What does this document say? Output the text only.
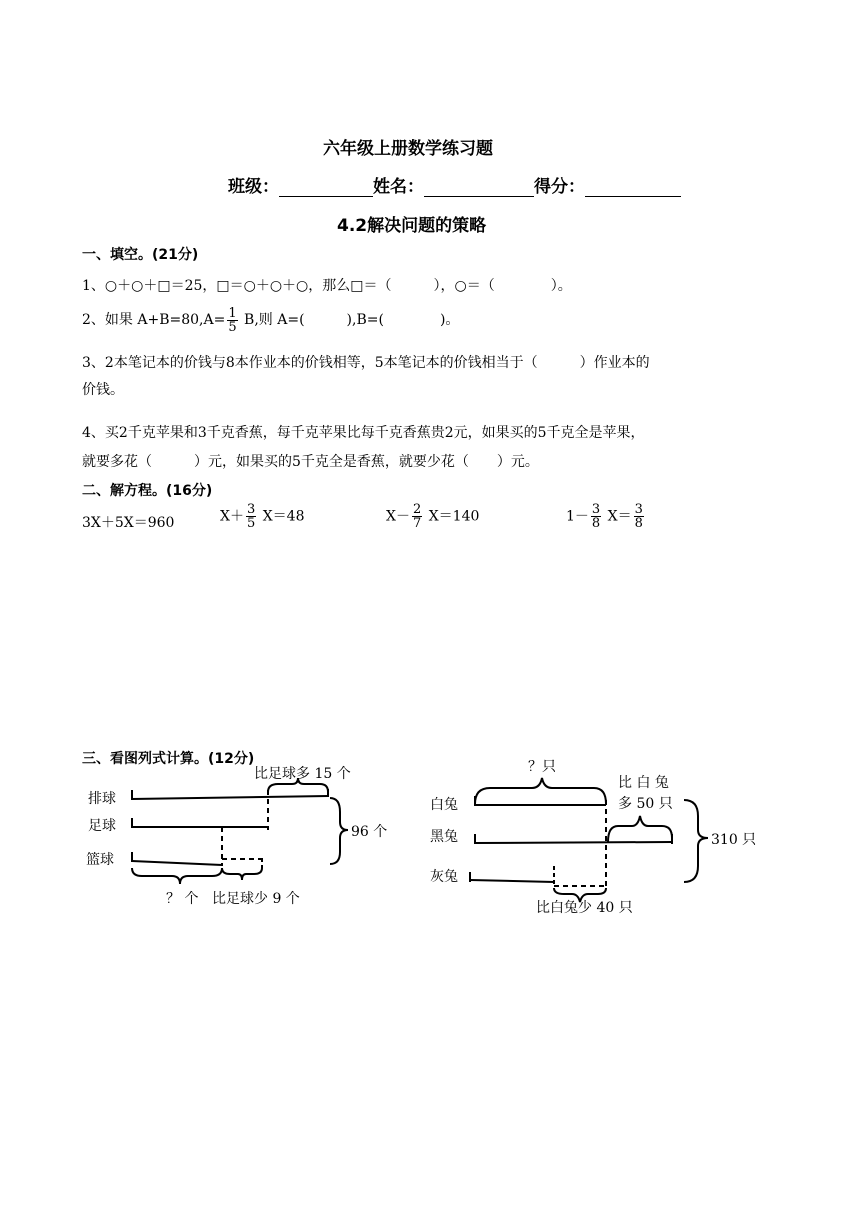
六年级上册数学练习题
班级：	姓名：	得分：
4.2解决问题的策略
一、填空。(21分)
1、○＋○＋□＝25，□＝○＋○＋○，那么□＝（　　　），○＝（　　　　）。
2、如果 $A+B=80,A= \frac{1}{5} B$,则 A=(　　　),B=(　　　　)。
3、2本笔记本的价钱与8本作业本的价钱相等，5本笔记本的价钱相当于（　　　）作业本的
价钱。
4、买2千克苹果和3千克香蕉，每千克苹果比每千克香蕉贵2元，如果买的5千克全是苹果，
就要多花（　　　）元，如果买的5千克全是香蕉，就要少花（　　）元。
二、解方程。(16分)
3X＋5X＝960	$X+ \frac{3}{5} X=48$	$X- \frac{2}{7} X=140$	$1- \frac{3}{8} X= \frac{3}{8}$
三、看图列式计算。(12分)
排球
足球
篮球
比足球多 15 个
96 个
？ 个 比足球少 9 个
白兔
黑兔
灰兔
？只
比 白 兔
多 50 只
310 只
比白兔少 40 只
